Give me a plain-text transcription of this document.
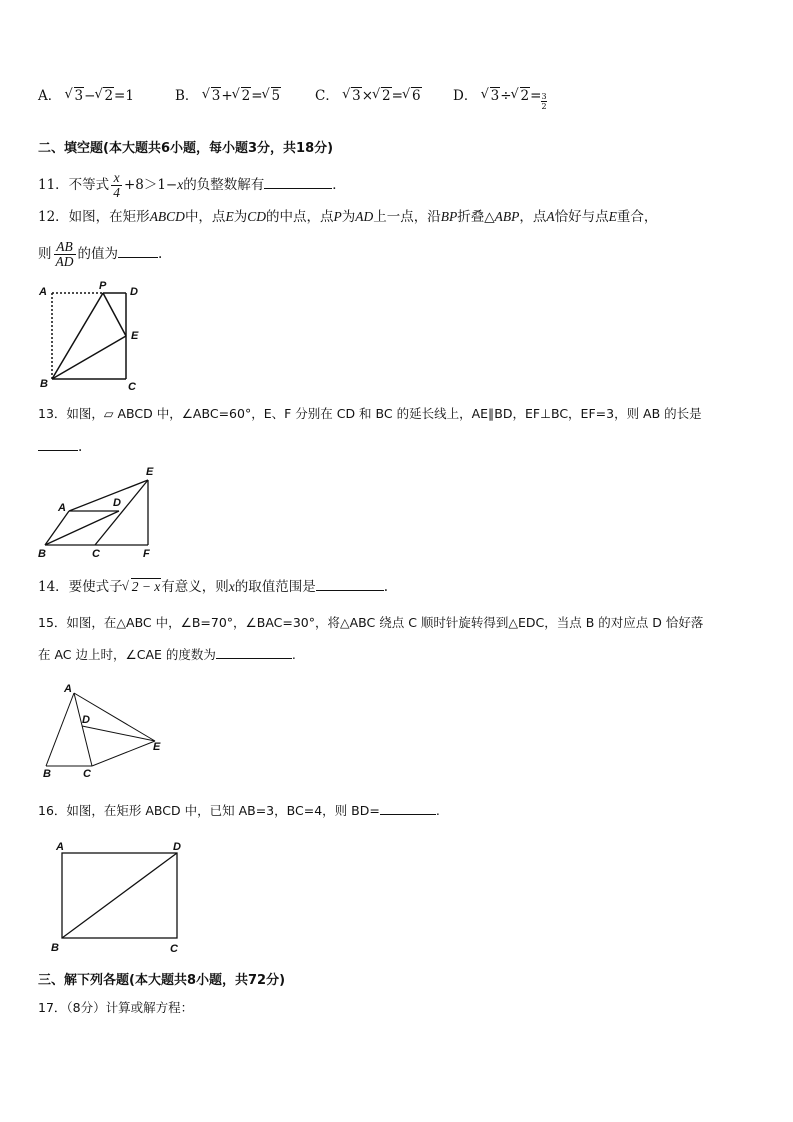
A． √ 3− √ 2=1	B． √ 3+ √ 2= √ 5	C． √ 3× √ 2= √ 6 D． √ 3÷ √ $2= \frac{3}{2}$
二、填空题(本大题共6小题，每小题3分，共18分)
11．不等式 $\frac{x}{4} +8>1-x$的负整数解有	．
12．如图，在矩形ABCD中，点E为CD的中点，点P为AD上一点，沿BP折叠△ABP，点A恰好与点E重合，
则 $\frac{AB}{AD}$ 的值为	.
A	P D
E
B	C
13．如图，▱ ABCD 中，∠ABC=60°，E、F 分别在 CD 和 BC 的延长线上，AE∥BD，EF⊥BC，EF=3，则 AB 的长是
.
A	D
E
B	C	F
14．要使式子 √ 2 − x有意义，则x的取值范围是	.
15．如图，在△ABC 中，∠B=70°，∠BAC=30°，将△ABC 绕点 C 顺时针旋转得到△EDC，当点 B 的对应点 D 恰好落
在 AC 边上时，∠CAE 的度数为	.
A
D
E
B	C
16．如图，在矩形 ABCD 中，已知 AB=3，BC=4，则 BD=	.
A	D
B	C
三、解下列各题(本大题共8小题，共72分)
17．（8分）计算或解方程：
